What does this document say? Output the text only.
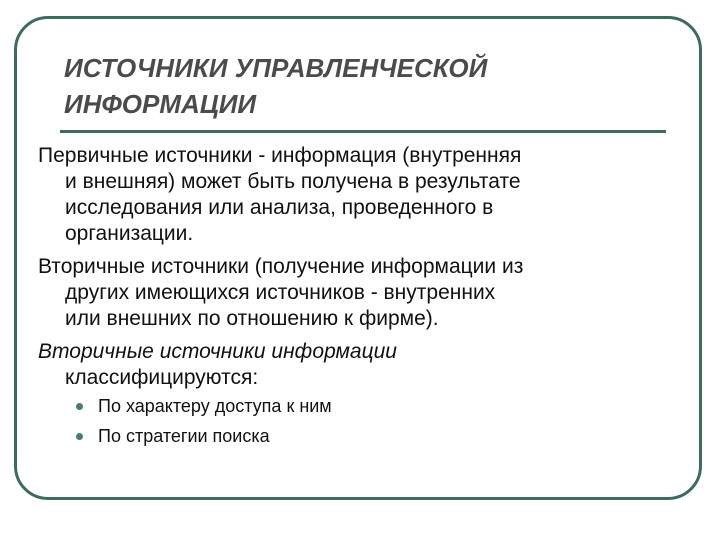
ИСТОЧНИКИ УПРАВЛЕНЧЕСКОЙ
ИНФОРМАЦИИ

Первичные источники - информация (внутренняя
и внешняя) может быть получена в результате
исследования или анализа, проведенного в
организации.

Вторичные источники (получение информации из
других имеющихся источников - внутренних
или внешних по отношению к фирме).

Вторичные источники информации
классифицируются:

По характеру доступа к ним
По стратегии поиска
